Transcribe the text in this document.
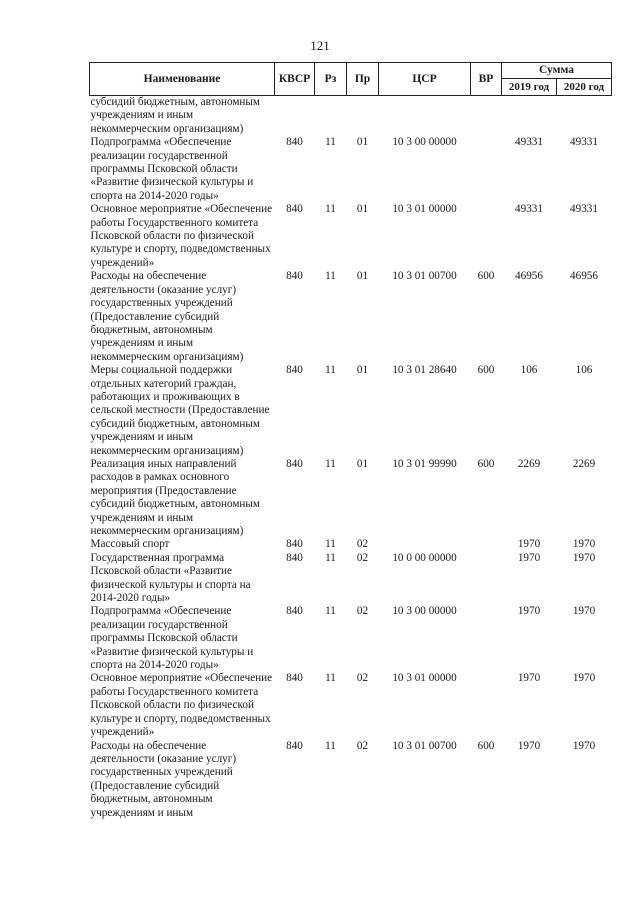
121
Наименование	КВСР	Рз	Пр	ЦСР	ВР	Сумма	
						2019 год	2020 год
субсидий бюджетным, автономным учреждениям и иным некоммерческим организациям)							
Подпрограмма «Обеспечение реализации государственной программы Псковской области «Развитие физической культуры и спорта на 2014-2020 годы»	840	11	01	10 3 00 00000		49331	49331
Основное мероприятие «Обеспечение работы Государственного комитета Псковской области по физической культуре и спорту, подведомственных учреждений»	840	11	01	10 3 01 00000		49331	49331
Расходы на обеспечение деятельности (оказание услуг) государственных учреждений (Предоставление субсидий бюджетным, автономным учреждениям и иным некоммерческим организациям)	840	11	01	10 3 01 00700	600	46956	46956
Меры социальной поддержки отдельных категорий граждан, работающих и проживающих в сельской местности (Предоставление субсидий бюджетным, автономным учреждениям и иным некоммерческим организациям)	840	11	01	10 3 01 28640	600	106	106
Реализация иных направлений расходов в рамках основного мероприятия (Предоставление субсидий бюджетным, автономным учреждениям и иным некоммерческим организациям)	840	11	01	10 3 01 99990	600	2269	2269
Массовый спорт	840	11	02			1970	1970
Государственная программа Псковской области «Развитие физической культуры и спорта на 2014-2020 годы»	840	11	02	10 0 00 00000		1970	1970
Подпрограмма «Обеспечение реализации государственной программы Псковской области «Развитие физической культуры и спорта на 2014-2020 годы»	840	11	02	10 3 00 00000		1970	1970
Основное мероприятие «Обеспечение работы Государственного комитета Псковской области по физической культуре и спорту, подведомственных учреждений»	840	11	02	10 3 01 00000		1970	1970
Расходы на обеспечение деятельности (оказание услуг) государственных учреждений (Предоставление субсидий бюджетным, автономным учреждениям и иным	840	11	02	10 3 01 00700	600	1970	1970
